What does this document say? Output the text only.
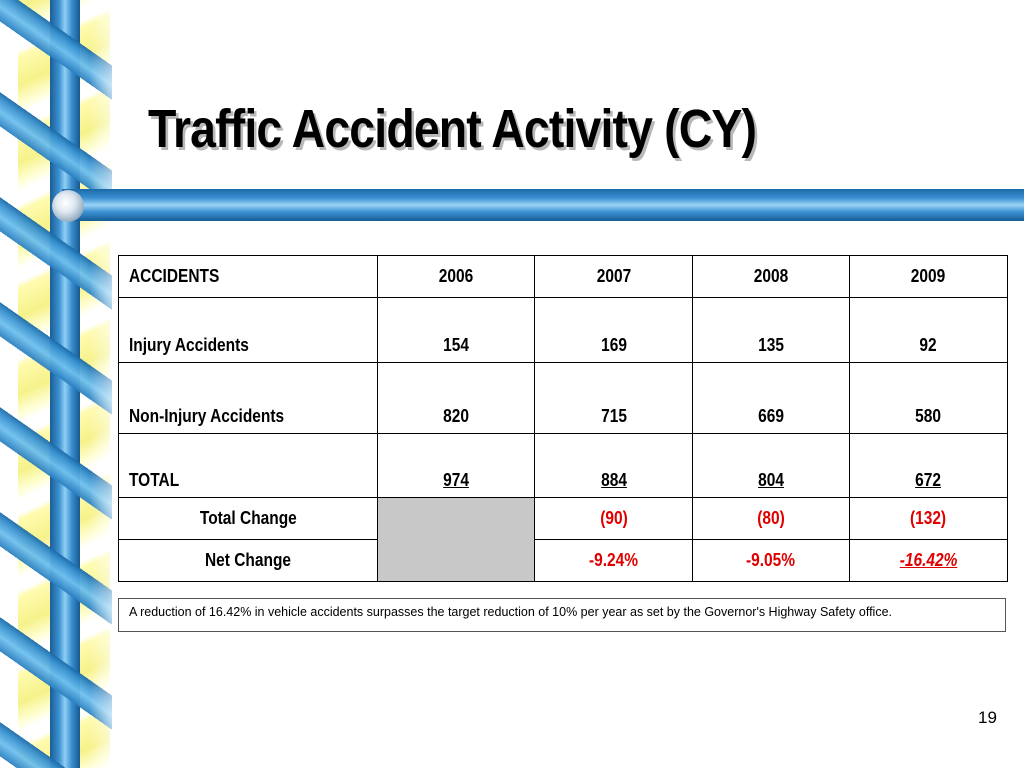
Traffic Accident Activity (CY)
ACCIDENTS	2006	2007	2008	2009
Injury Accidents	154	169	135	92
Non-Injury Accidents	820	715	669	580
TOTAL	974	884	804	672
Total Change		(90)	(80)	(132)
Net Change		-9.24%	-9.05%	-16.42%
A reduction of 16.42% in vehicle accidents surpasses the target reduction of 10% per year as set by the Governor's Highway Safety office.
19
